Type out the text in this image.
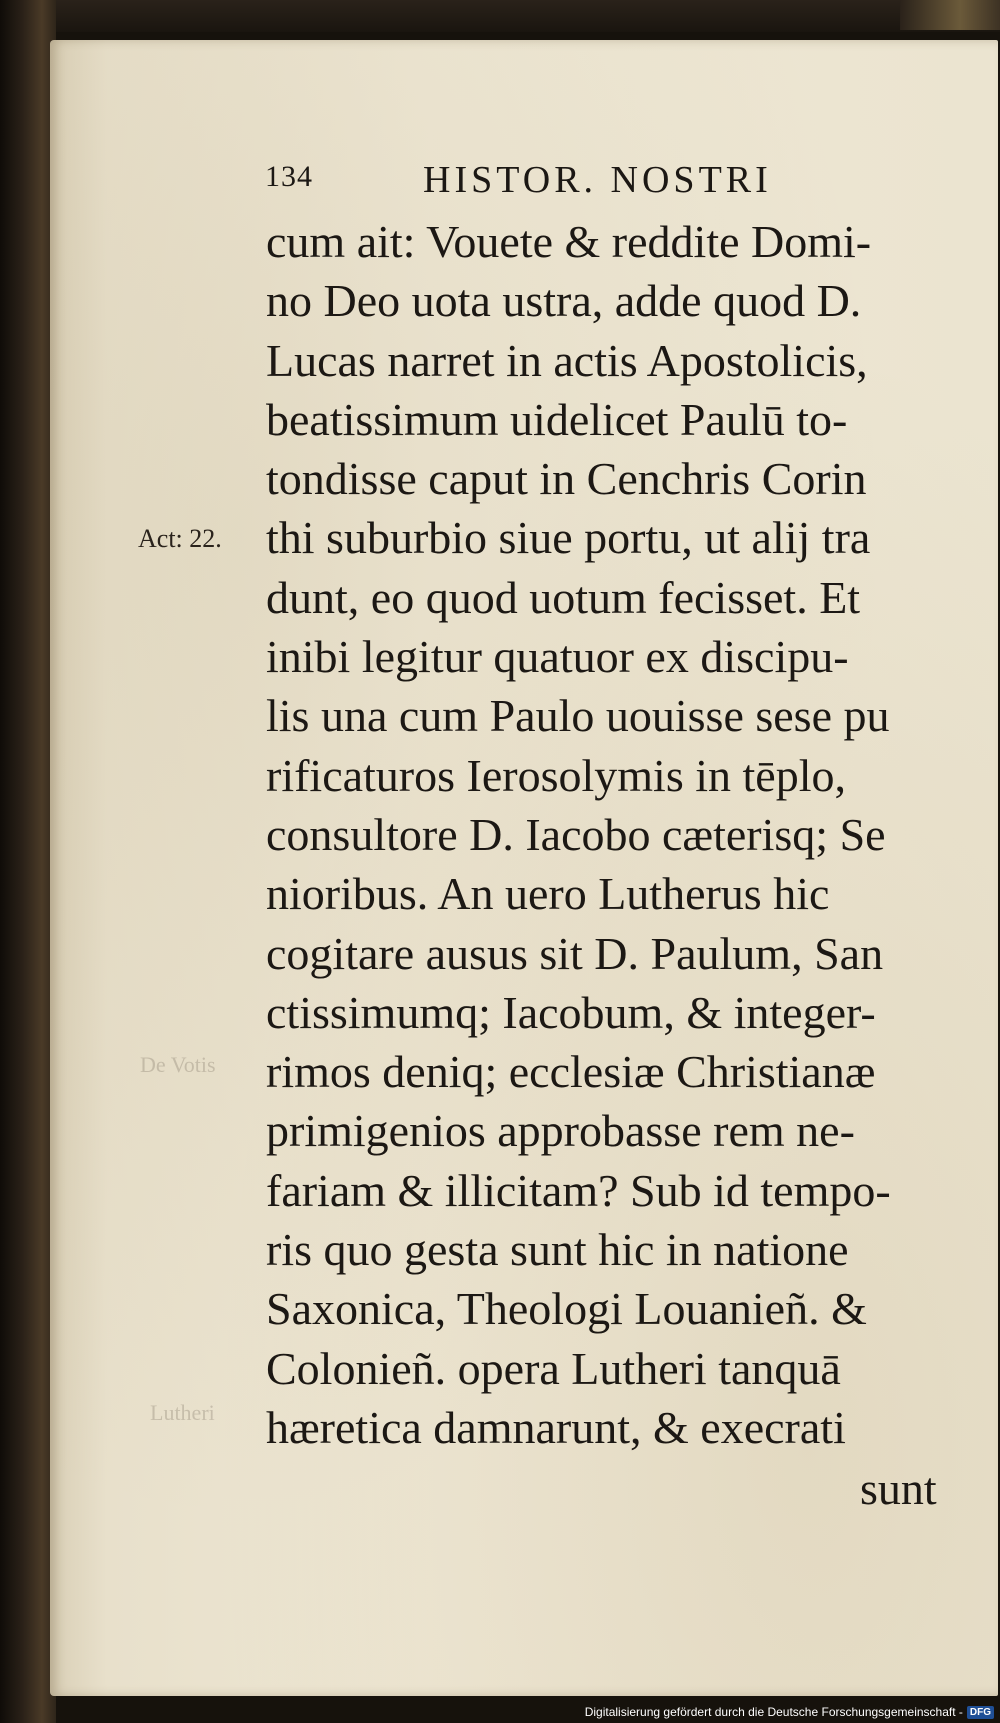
134	HISTOR. NOSTRI
Act: 22.
De Votis
Lutheri
cum ait: Vouete & reddite Domi-
no Deo uota ustra, adde quod D.
Lucas narret in actis Apostolicis,
beatissimum uidelicet Paulū to-
tondisse caput in Cenchris Corin
thi suburbio siue portu, ut alij tra
dunt, eo quod uotum fecisset. Et
inibi legitur quatuor ex discipu-
lis una cum Paulo uouisse sese pu
rificaturos Ierosolymis in tēplo,
consultore D. Iacobo cæterisq; Se
nioribus. An uero Lutherus hic
cogitare ausus sit D. Paulum, San
ctissimumq; Iacobum, & integer-
rimos deniq; ecclesiæ Christianæ
primigenios approbasse rem ne-
fariam & illicitam? Sub id tempo-
ris quo gesta sunt hic in natione
Saxonica, Theologi Louanieñ. &
Colonieñ. opera Lutheri tanquā
hæretica damnarunt, & execrati
sunt
Digitalisierung gefördert durch die Deutsche Forschungsgemeinschaft - DFG
